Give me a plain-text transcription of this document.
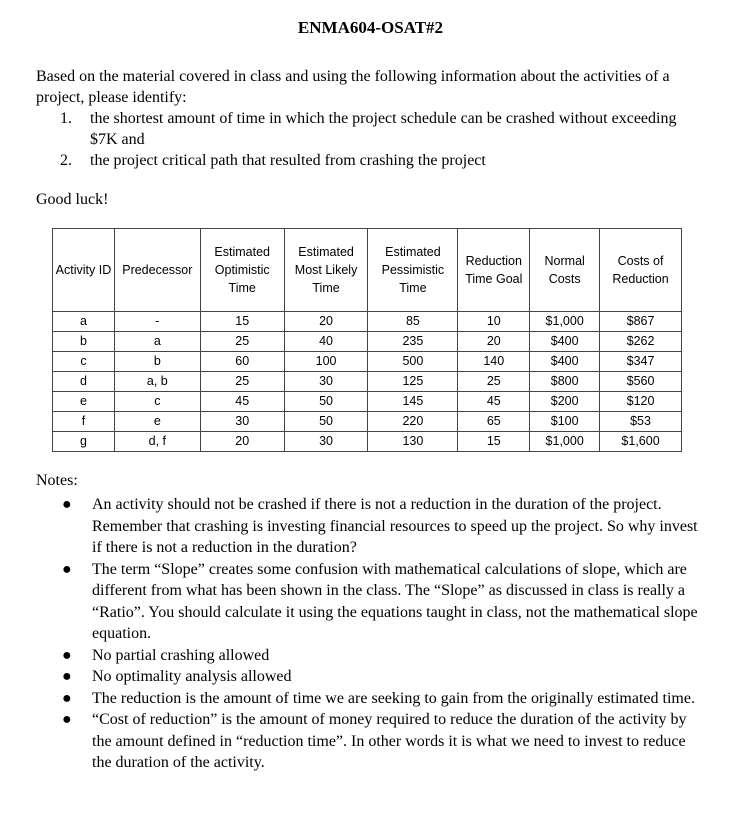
ENMA604-OSAT#2
Based on the material covered in class and using the following information about the activities of a project, please identify:
1. the shortest amount of time in which the project schedule can be crashed without exceeding $7K and
2. the project critical path that resulted from crashing the project
Good luck!
Activity ID	Predecessor	Estimated Optimistic Time	Estimated Most Likely Time	Estimated Pessimistic Time	Reduction Time Goal	Normal Costs	Costs of Reduction
a	-	15	20	85	10	$1,000	$867
b	a	25	40	235	20	$400	$262
c	b	60	100	500	140	$400	$347
d	a, b	25	30	125	25	$800	$560
e	c	45	50	145	45	$200	$120
f	e	30	50	220	65	$100	$53
g	d, f	20	30	130	15	$1,000	$1,600
Notes:
● An activity should not be crashed if there is not a reduction in the duration of the project. Remember that crashing is investing financial resources to speed up the project. So why invest if there is not a reduction in the duration?
● The term “Slope” creates some confusion with mathematical calculations of slope, which are different from what has been shown in the class. The “Slope” as discussed in class is really a “Ratio”. You should calculate it using the equations taught in class, not the mathematical slope equation.
● No partial crashing allowed
● No optimality analysis allowed
● The reduction is the amount of time we are seeking to gain from the originally estimated time.
● “Cost of reduction” is the amount of money required to reduce the duration of the activity by the amount defined in “reduction time”. In other words it is what we need to invest to reduce the duration of the activity.
